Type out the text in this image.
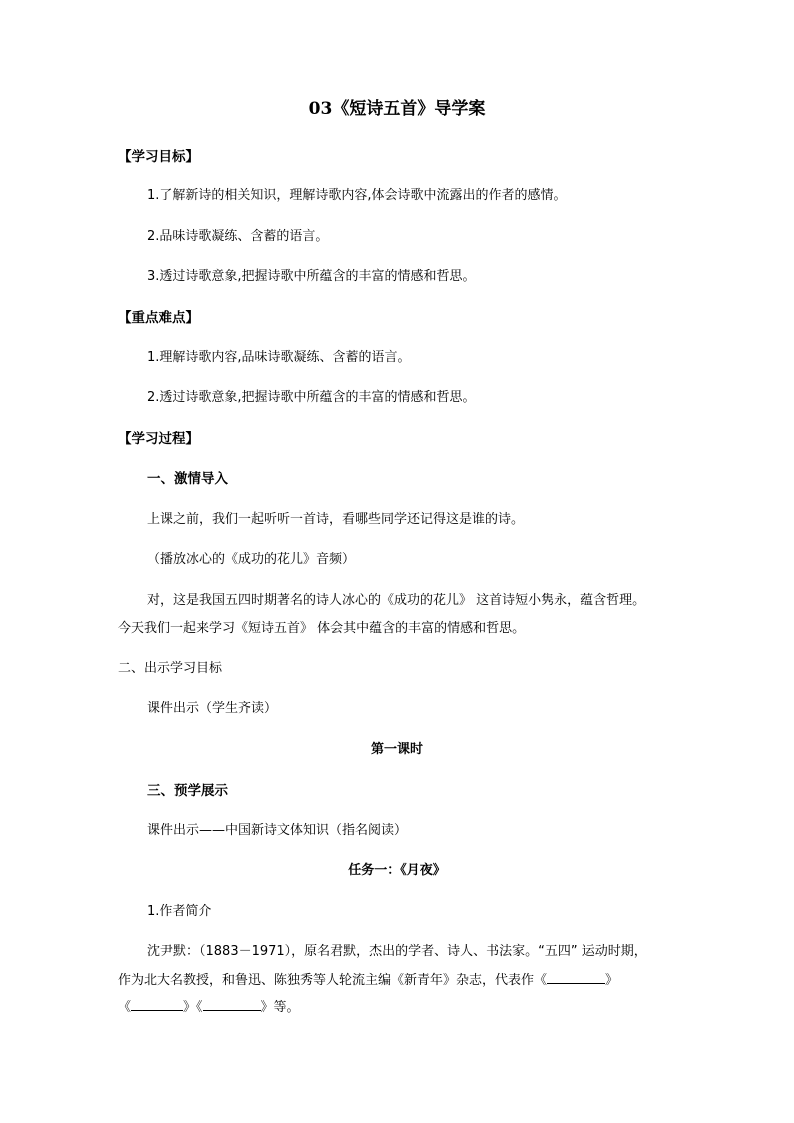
03《短诗五首》导学案
【学习目标】
1.了解新诗的相关知识，理解诗歌内容,体会诗歌中流露出的作者的感情。
2.品味诗歌凝练、含蓄的语言。
3.透过诗歌意象,把握诗歌中所蕴含的丰富的情感和哲思。
【重点难点】
1.理解诗歌内容,品味诗歌凝练、含蓄的语言。
2.透过诗歌意象,把握诗歌中所蕴含的丰富的情感和哲思。
【学习过程】
一、激情导入
上课之前，我们一起听听一首诗，看哪些同学还记得这是谁的诗。
（播放冰心的《成功的花儿》音频）
对，这是我国五四时期著名的诗人冰心的《成功的花儿》 这首诗短小隽永，蕴含哲理。
今天我们一起来学习《短诗五首》 体会其中蕴含的丰富的情感和哲思。
二、出示学习目标
课件出示（学生齐读）
第一课时
三、预学展示
课件出示——中国新诗文体知识（指名阅读）
任务一：《月夜》
1.作者简介
沈尹默：（1883－1971），原名君默，杰出的学者、诗人、书法家。“五四” 运动时期，
作为北大名教授，和鲁迅、陈独秀等人轮流主编《新青年》杂志，代表作《	》
《	》《	》等。
